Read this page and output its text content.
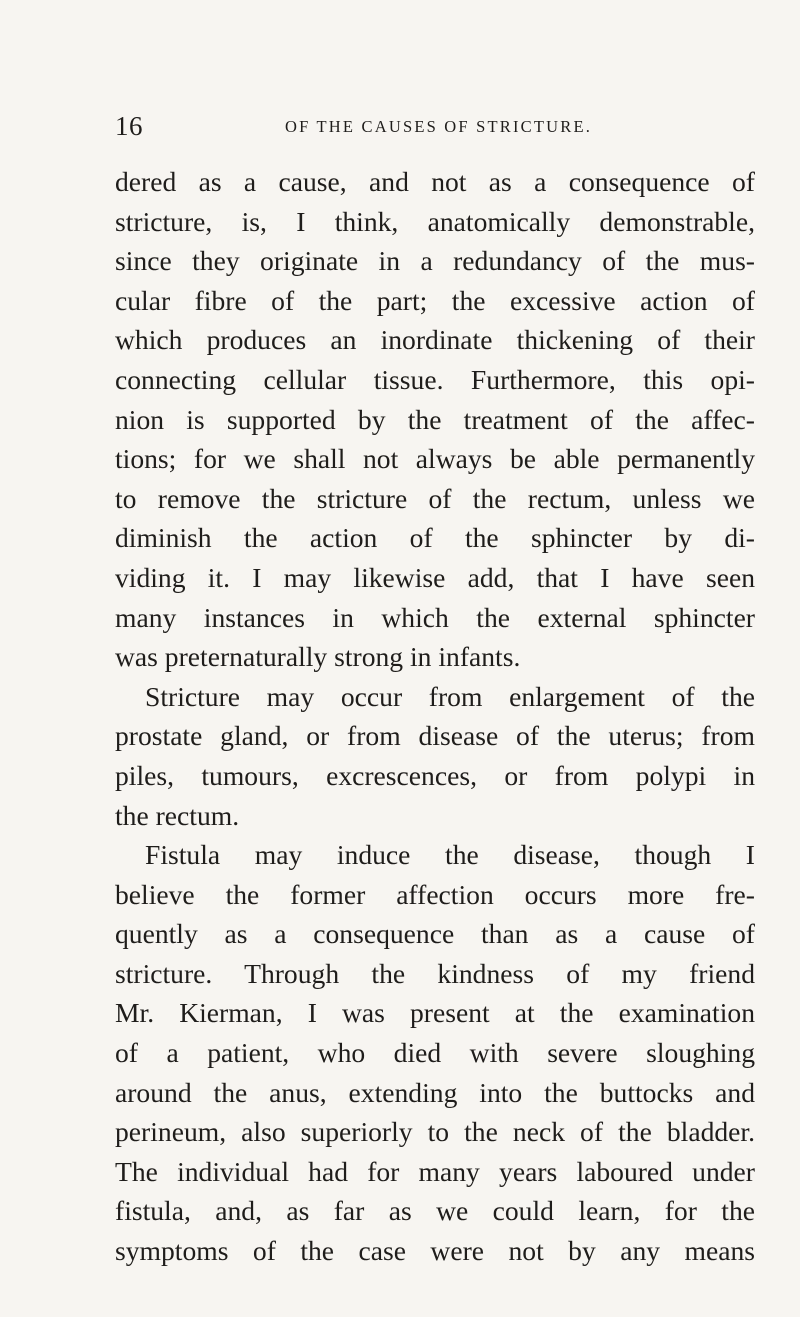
16	OF THE CAUSES OF STRICTURE.
dered as a cause, and not as a consequence of
stricture, is, I think, anatomically demonstrable,
since they originate in a redundancy of the mus-
cular fibre of the part; the excessive action of
which produces an inordinate thickening of their
connecting cellular tissue. Furthermore, this opi-
nion is supported by the treatment of the affec-
tions; for we shall not always be able permanently
to remove the stricture of the rectum, unless we
diminish the action of the sphincter by di-
viding it. I may likewise add, that I have seen
many instances in which the external sphincter
was preternaturally strong in infants.
Stricture may occur from enlargement of the
prostate gland, or from disease of the uterus; from
piles, tumours, excrescences, or from polypi in
the rectum.
Fistula may induce the disease, though I
believe the former affection occurs more fre-
quently as a consequence than as a cause of
stricture. Through the kindness of my friend
Mr. Kierman, I was present at the examination
of a patient, who died with severe sloughing
around the anus, extending into the buttocks and
perineum, also superiorly to the neck of the bladder.
The individual had for many years laboured under
fistula, and, as far as we could learn, for the
symptoms of the case were not by any means
